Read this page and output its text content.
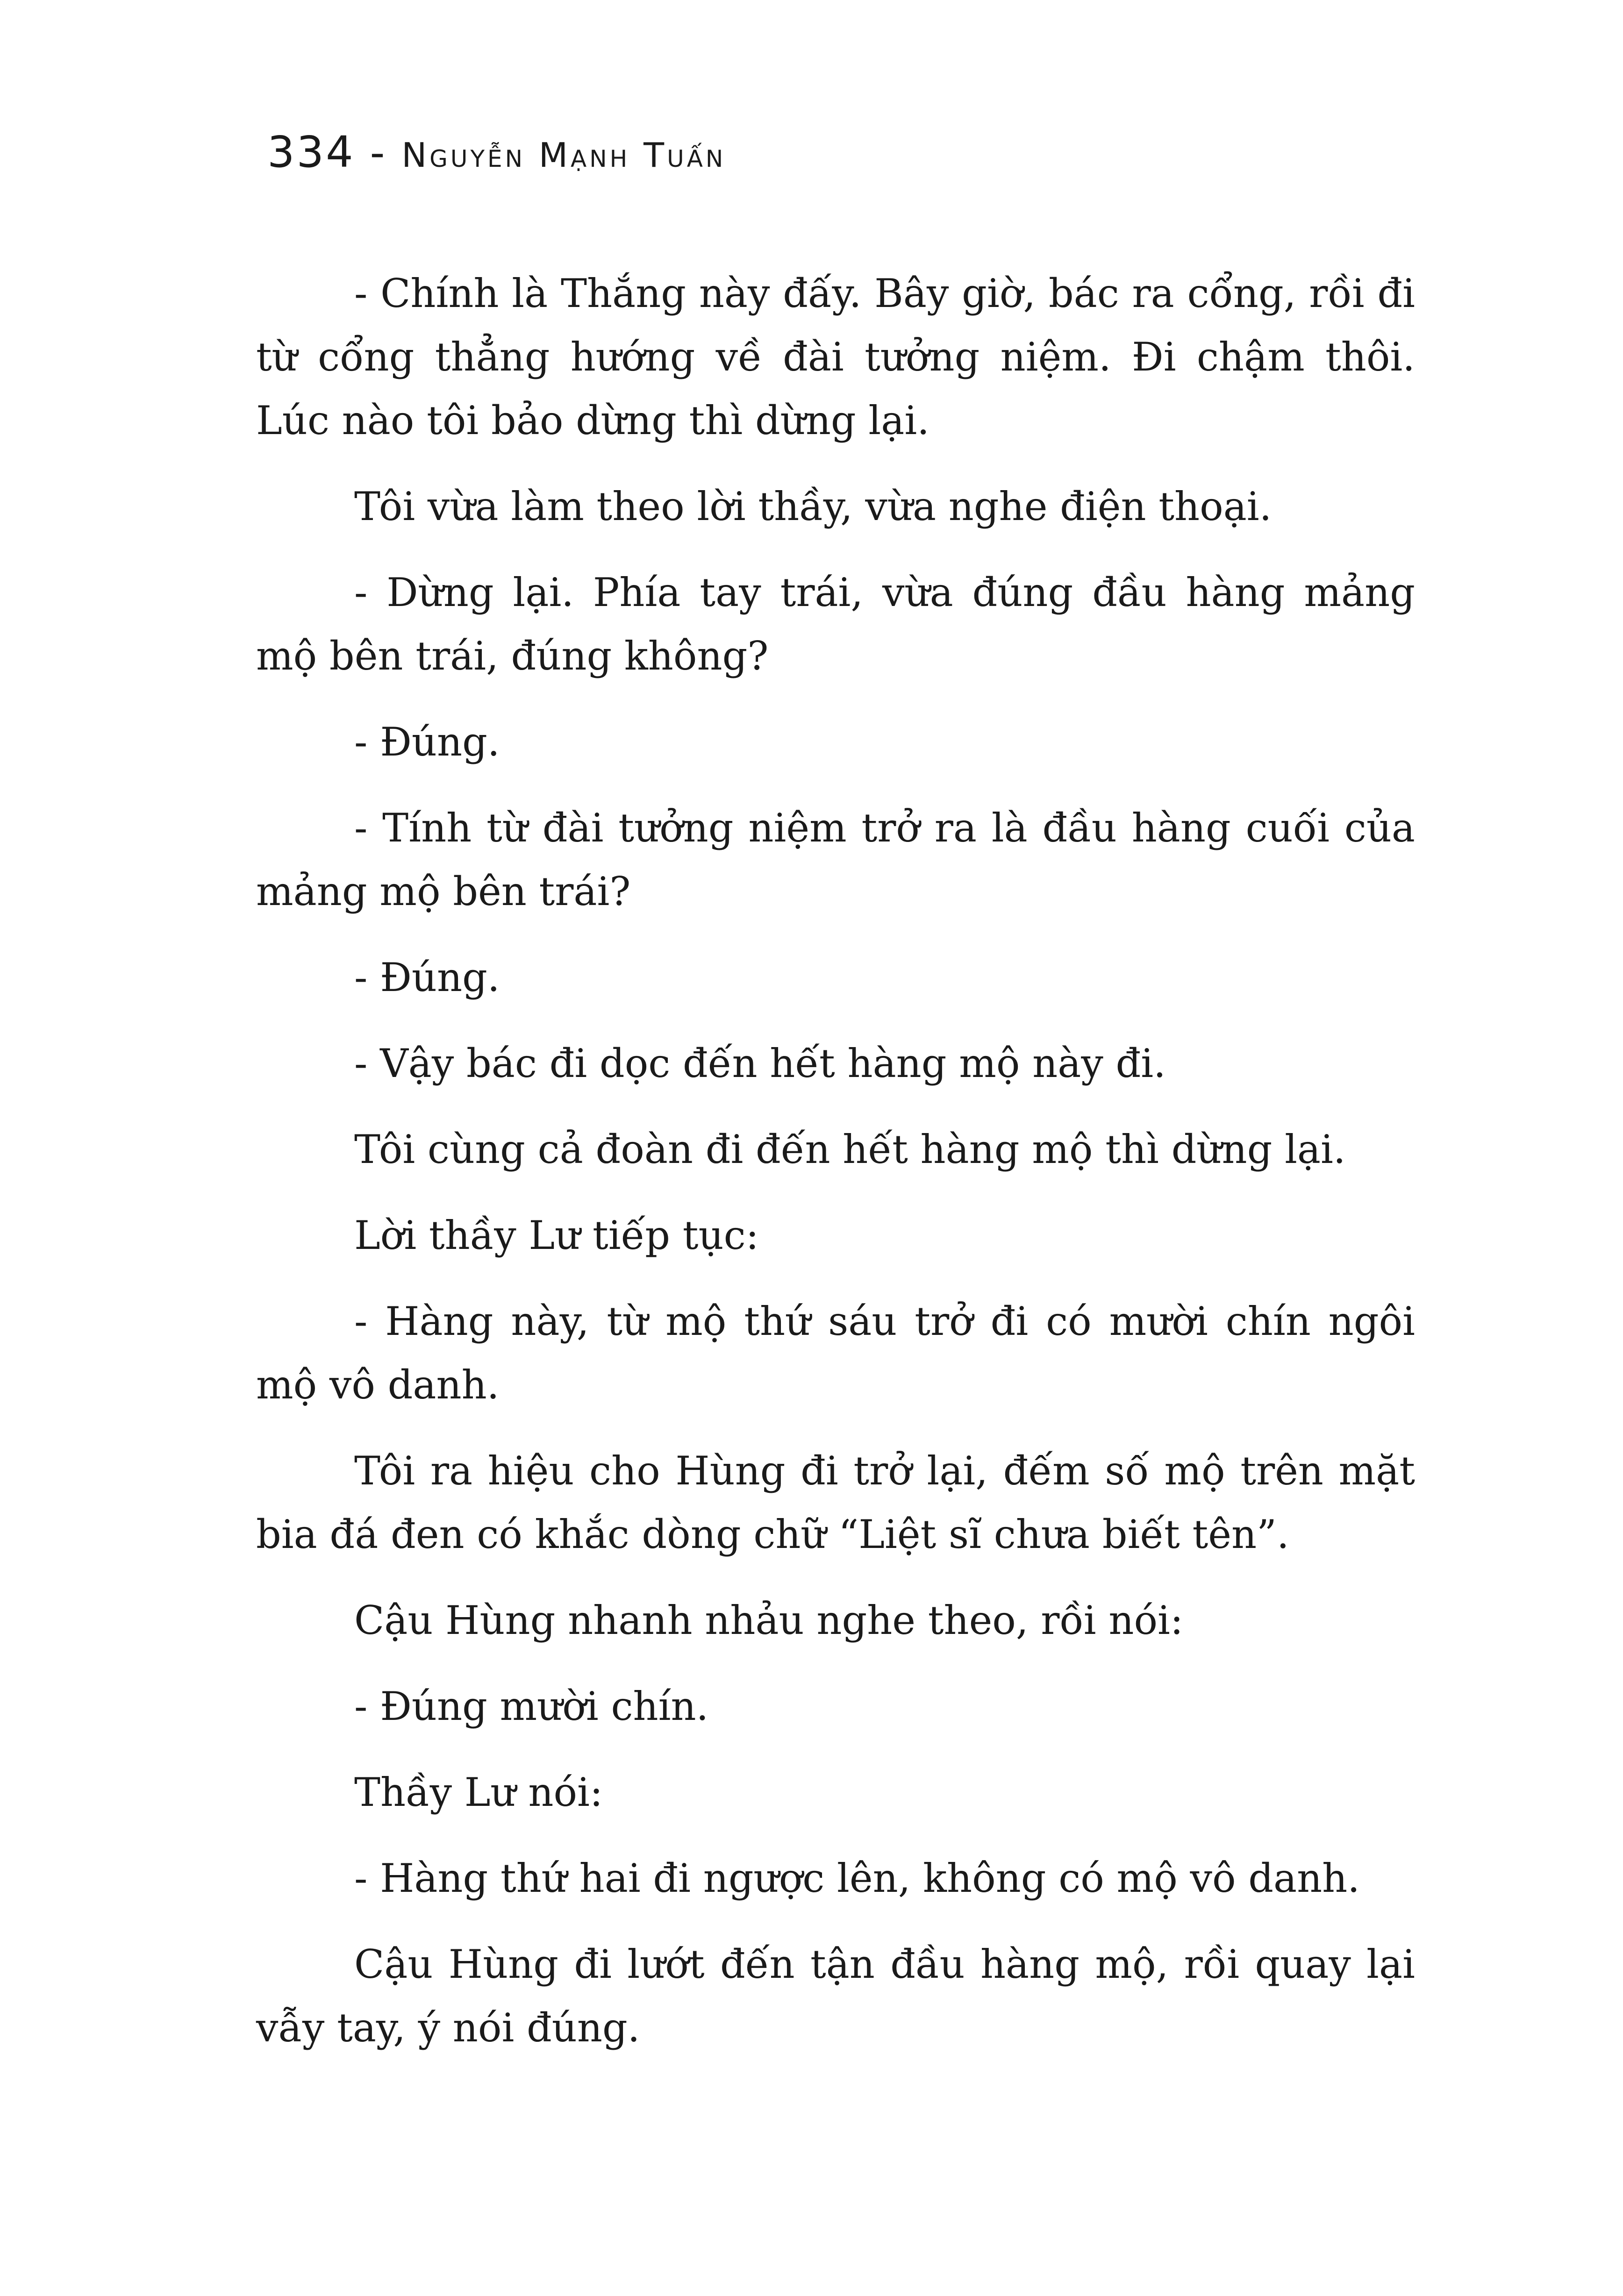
334 - Nguyễn Mạnh Tuấn

- Chính là Thắng này đấy. Bây giờ, bác ra cổng, rồi đi từ cổng thẳng hướng về đài tưởng niệm. Đi chậm thôi. Lúc nào tôi bảo dừng thì dừng lại.

Tôi vừa làm theo lời thầy, vừa nghe điện thoại.

- Dừng lại. Phía tay trái, vừa đúng đầu hàng mảng mộ bên trái, đúng không?

- Đúng.

- Tính từ đài tưởng niệm trở ra là đầu hàng cuối của mảng mộ bên trái?

- Đúng.

- Vậy bác đi dọc đến hết hàng mộ này đi.

Tôi cùng cả đoàn đi đến hết hàng mộ thì dừng lại.

Lời thầy Lư tiếp tục:

- Hàng này, từ mộ thứ sáu trở đi có mười chín ngôi mộ vô danh.

Tôi ra hiệu cho Hùng đi trở lại, đếm số mộ trên mặt bia đá đen có khắc dòng chữ “Liệt sĩ chưa biết tên”.

Cậu Hùng nhanh nhảu nghe theo, rồi nói:

- Đúng mười chín.

Thầy Lư nói:

- Hàng thứ hai đi ngược lên, không có mộ vô danh.

Cậu Hùng đi lướt đến tận đầu hàng mộ, rồi quay lại vẫy tay, ý nói đúng.
